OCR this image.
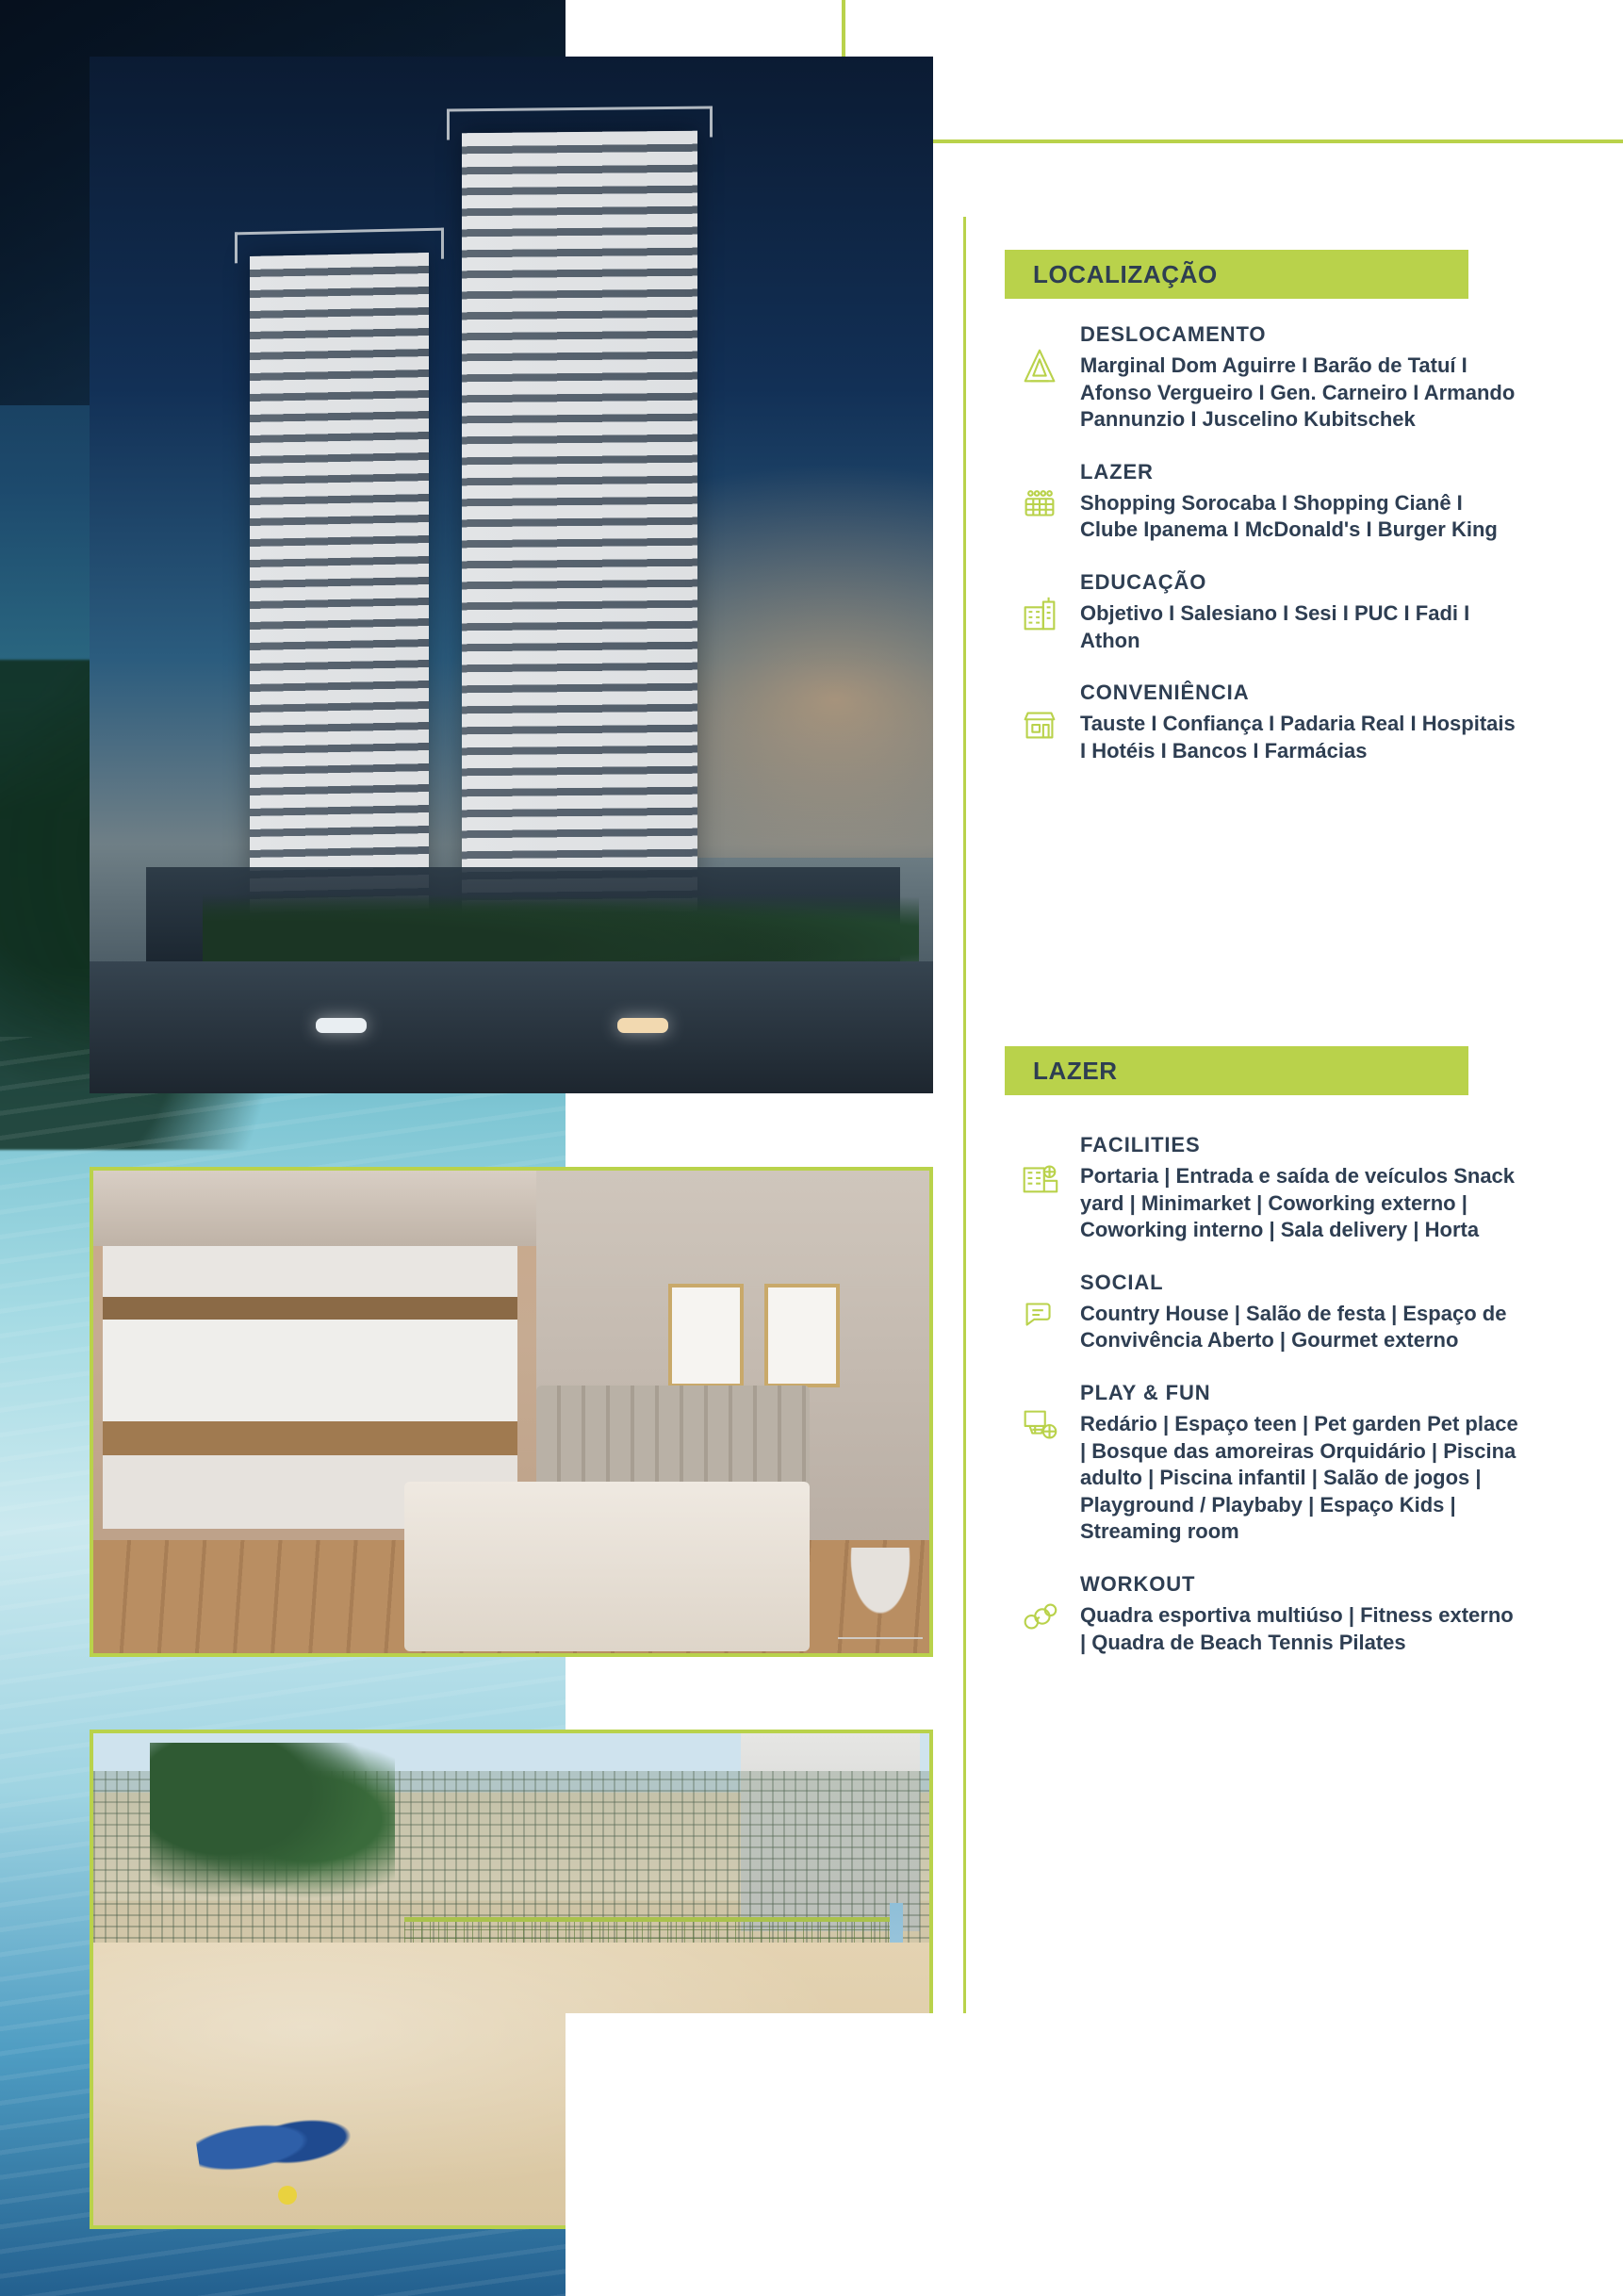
LOCALIZAÇÃO
DESLOCAMENTO
Marginal Dom Aguirre I Barão de Tatuí I Afonso Vergueiro I Gen. Carneiro I Armando Pannunzio I Juscelino Kubitschek
LAZER
Shopping Sorocaba I Shopping Cianê I Clube Ipanema I McDonald's I Burger King
EDUCAÇÃO
Objetivo I Salesiano I Sesi I PUC I Fadi I Athon
CONVENIÊNCIA
Tauste I Confiança I Padaria Real I Hospitais I Hotéis I Bancos I Farmácias
LAZER
FACILITIES
Portaria | Entrada e saída de veículos Snack yard | Minimarket | Coworking externo | Coworking interno | Sala delivery | Horta
SOCIAL
Country House | Salão de festa | Espaço de Convivência Aberto | Gourmet externo
PLAY & FUN
Redário | Espaço teen | Pet garden Pet place | Bosque das amoreiras Orquidário | Piscina adulto | Piscina infantil | Salão de jogos | Playground / Playbaby | Espaço Kids | Streaming room
WORKOUT
Quadra esportiva multiúso | Fitness externo | Quadra de Beach Tennis Pilates
